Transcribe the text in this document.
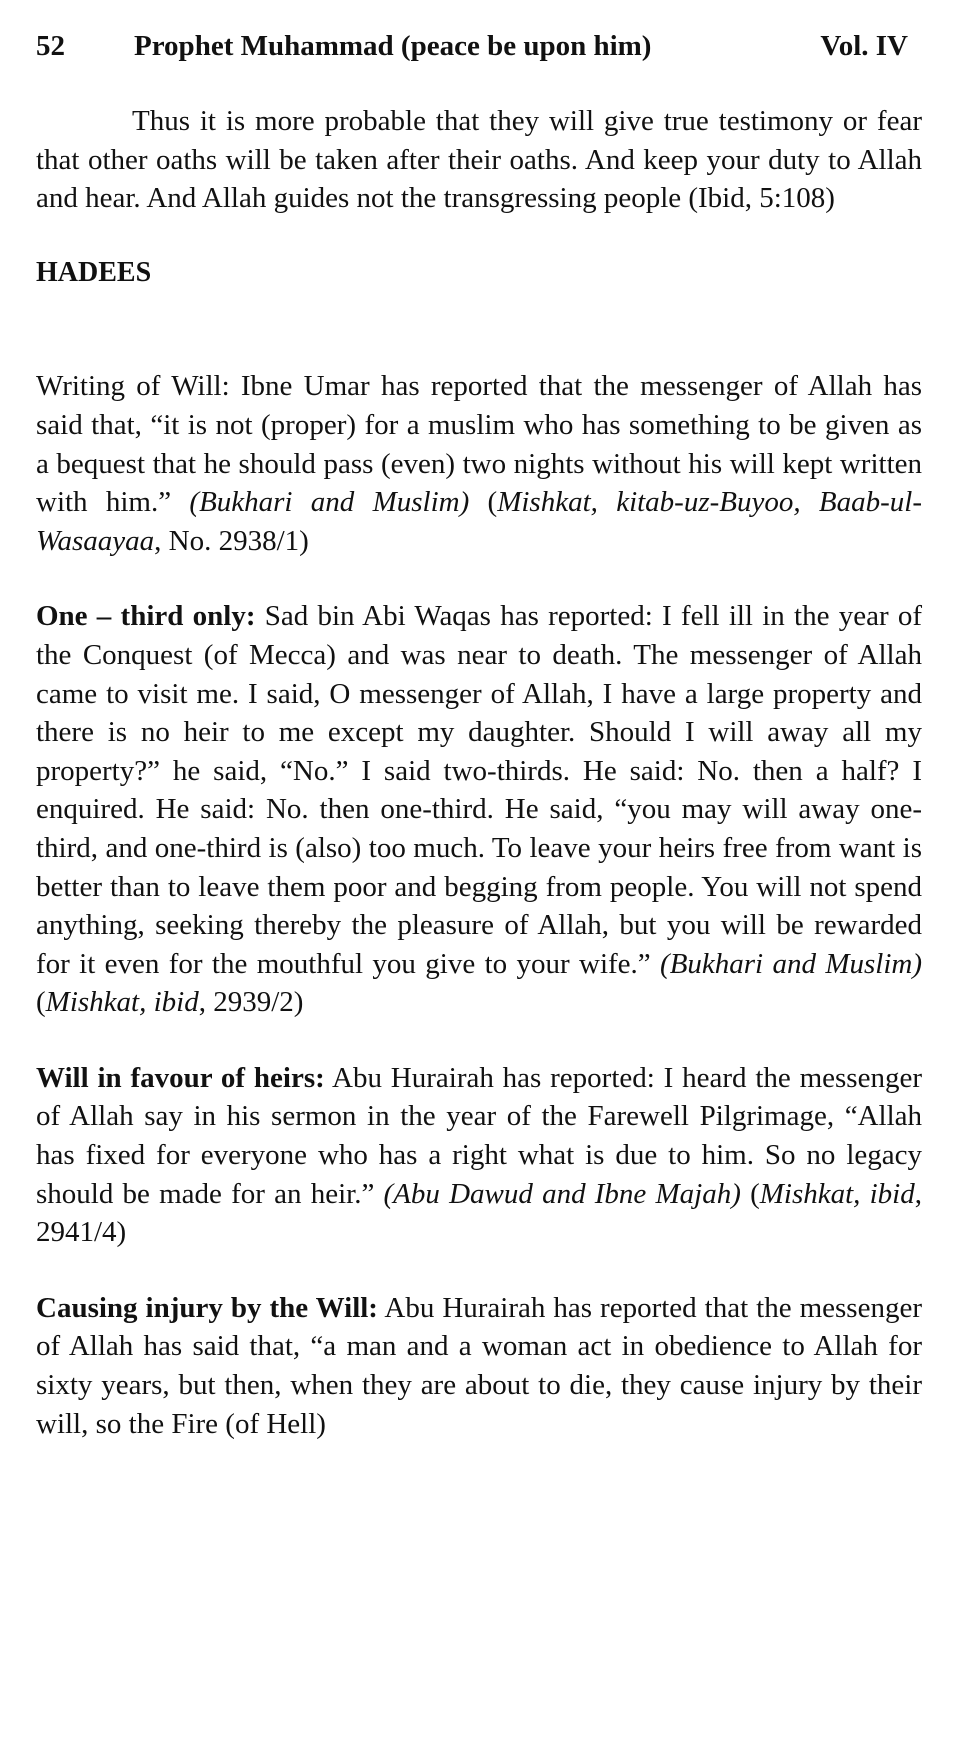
52 Prophet Muhammad (peace be upon him)	Vol. IV

Thus it is more probable that they will give true testimony or fear that other oaths will be taken after their oaths. And keep your duty to Allah and hear. And Allah guides not the transgressing people (Ibid, 5:108)

HADEES

Writing of Will: Ibne Umar has reported that the messenger of Allah has said that, “it is not (proper) for a muslim who has something to be given as a bequest that he should pass (even) two nights without his will kept written with him.” (Bukhari and Muslim) (Mishkat, kitab-uz-Buyoo, Baab-ul-Wasaayaa, No. 2938/1)

One – third only: Sad bin Abi Waqas has reported: I fell ill in the year of the Conquest (of Mecca) and was near to death. The messenger of Allah came to visit me. I said, O messenger of Allah, I have a large property and there is no heir to me except my daughter. Should I will away all my property?” he said, “No.” I said two-thirds. He said: No. then a half? I enquired. He said: No. then one-third. He said, “you may will away one-third, and one-third is (also) too much. To leave your heirs free from want is better than to leave them poor and begging from people. You will not spend anything, seeking thereby the pleasure of Allah, but you will be rewarded for it even for the mouthful you give to your wife.” (Bukhari and Muslim) (Mishkat, ibid, 2939/2)

Will in favour of heirs: Abu Hurairah has reported: I heard the messenger of Allah say in his sermon in the year of the Farewell Pilgrimage, “Allah has fixed for everyone who has a right what is due to him. So no legacy should be made for an heir.” (Abu Dawud and Ibne Majah) (Mishkat, ibid, 2941/4)

Causing injury by the Will: Abu Hurairah has reported that the messenger of Allah has said that, “a man and a woman act in obedience to Allah for sixty years, but then, when they are about to die, they cause injury by their will, so the Fire (of Hell)
